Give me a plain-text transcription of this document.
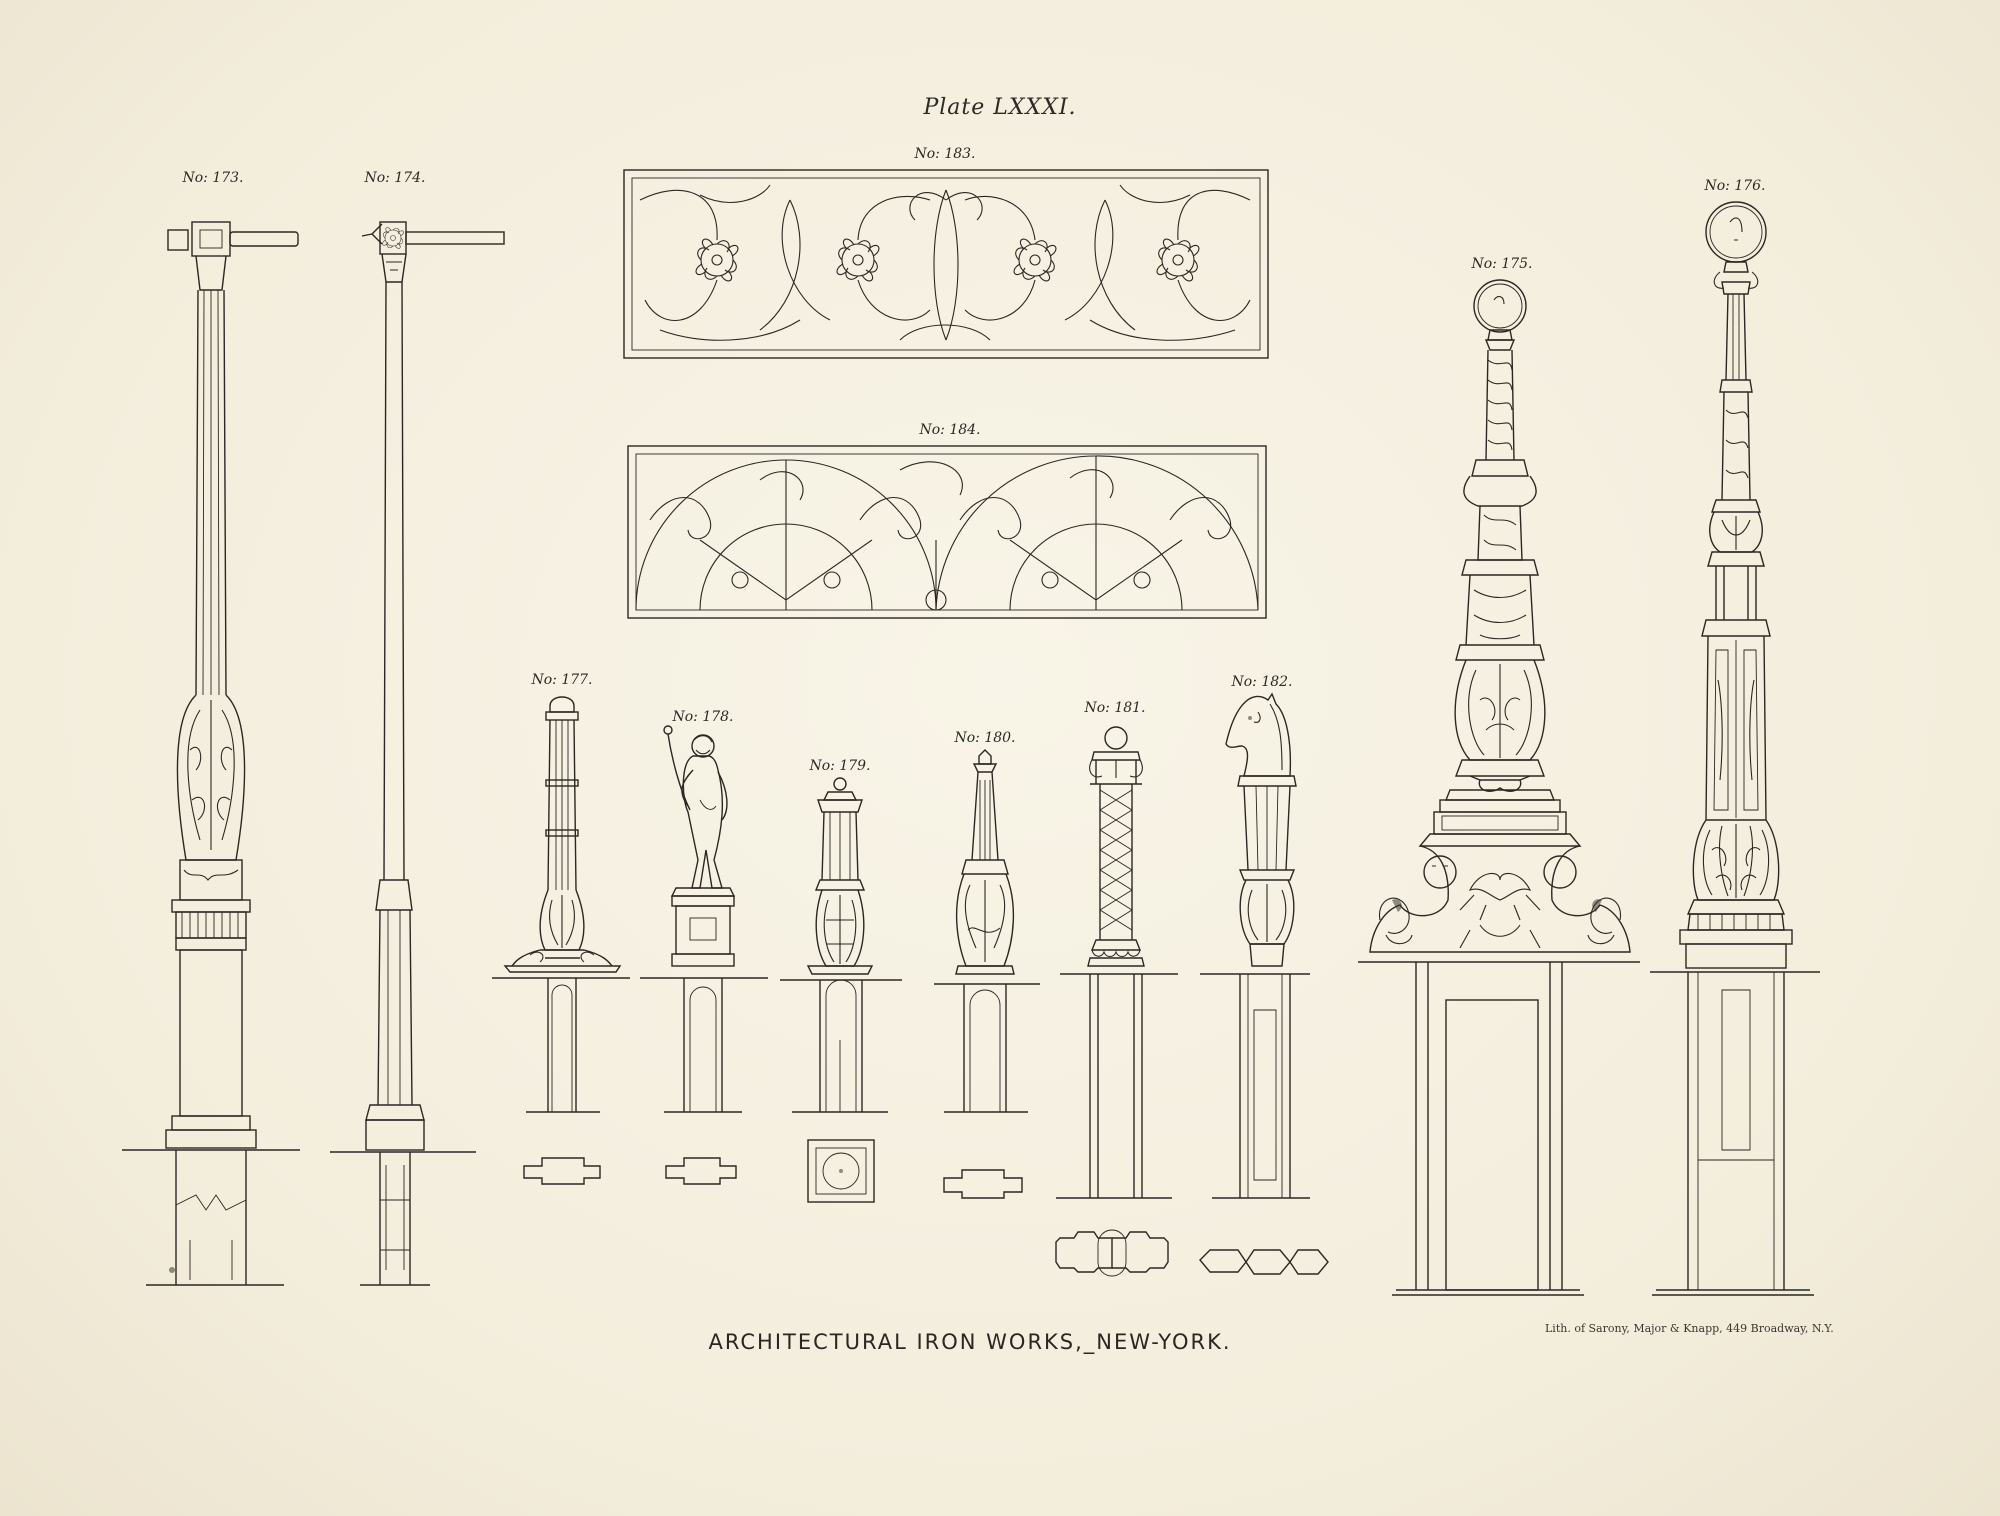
Plate LXXXI.
No: 173.	No: 174.
No: 175.
No: 176.
No: 177.
No: 178.
No: 179.
No: 180.
No: 181.
No: 182.
No: 183.
No: 184.
ARCHITECTURAL IRON WORKS,_NEW-YORK.
Lith. of Sarony, Major & Knapp, 449 Broadway, N.Y.
